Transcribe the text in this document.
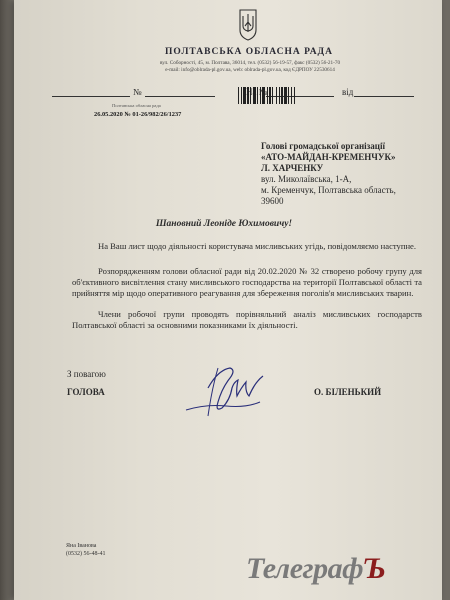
ПОЛТАВСЬКА ОБЛАСНА РАДА
вул. Соборності, 45, м. Полтава, 36014, тел. (0532) 56-19-57, факс (0532) 56-21-70
e-mail: info@oblrada-pl.gov.ua, web: oblrada-pl.gov.ua, код ЄДРПОУ 22530614
№	На	від
Полтавська обласна рада
26.05.2020 № 01-26/982/26/1237
Голові громадської організації
«АТО-МАЙДАН-КРЕМЕНЧУК»
Л. ХАРЧЕНКУ
вул. Миколаївська, 1-А,
м. Кременчук, Полтавська область,
39600
Шановний Леоніде Юхимовичу!
На Ваш лист щодо діяльності користувача мисливських угідь, повідомляємо наступне.
Розпорядженням голови обласної ради від 20.02.2020 № 32 створено робочу групу для об'єктивного висвітлення стану мисливського господарства на території Полтавської області та прийняття мір щодо оперативного реагування для збереження поголів'я мисливських тварин.
Члени робочої групи проводять порівняльний аналіз мисливських господарств Полтавської області за основними показниками їх діяльності.
З повагою
ГОЛОВА	О. БІЛЕНЬКИЙ
Яна Іванова
(0532) 56-48-41	ТелеграфЪ
